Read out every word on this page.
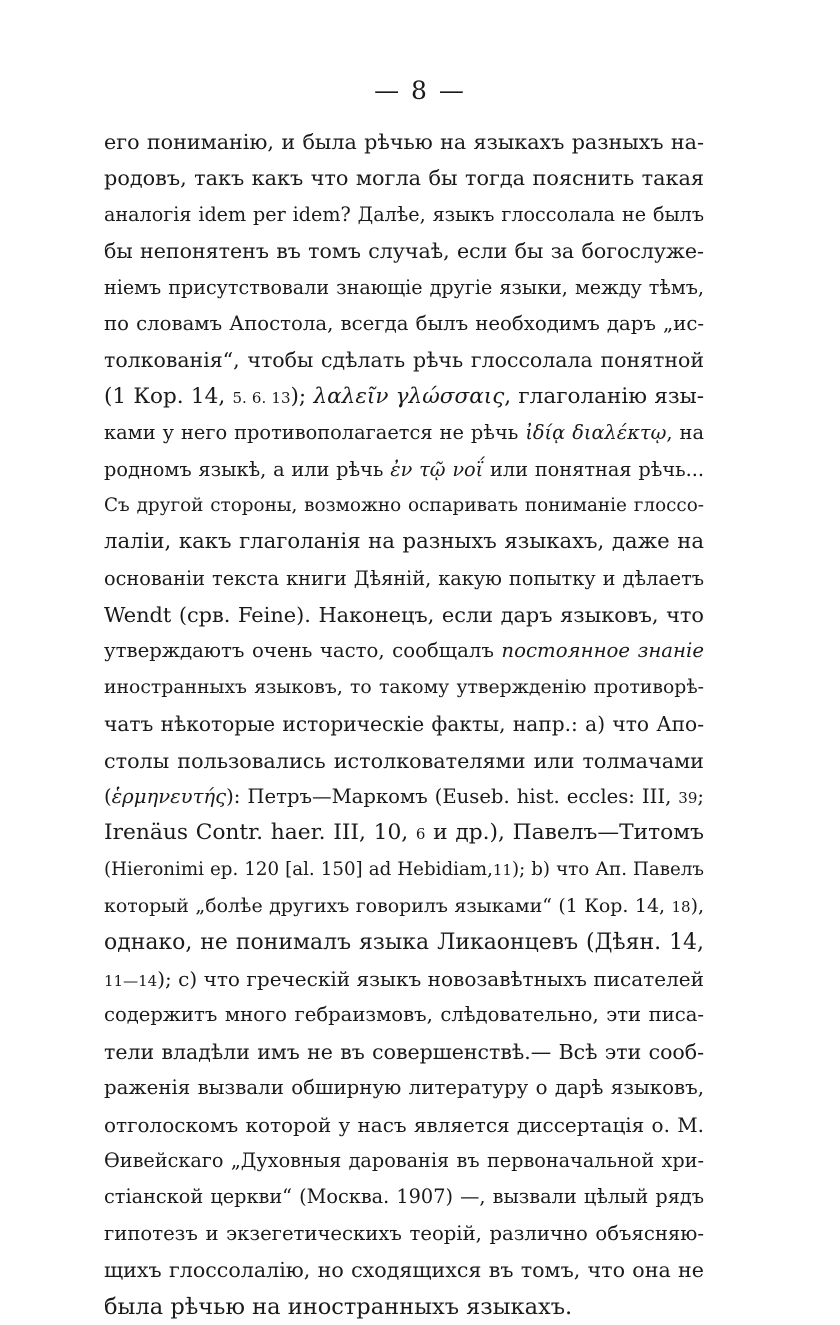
— 8 —
его пониманію, и была рѣчью на языкахъ разныхъ на-
родовъ, такъ какъ что могла бы тогда пояснить такая
аналогія idem per idem? Далѣе, языкъ глоссолала не былъ
бы непонятенъ въ томъ случаѣ, если бы за богослуже-
ніемъ присутствовали знающіе другіе языки, между тѣмъ,
по словамъ Апостола, всегда былъ необходимъ даръ „ис-
толкованія“, чтобы сдѣлать рѣчь глоссолала понятной
(1 Кор. 14, 5. 6. 13); λαλεῖν γλώσσαις, глаголанію язы-
ками у него противополагается не рѣчь ἰδίᾳ διαλέκτῳ, на
родномъ языкѣ, а или рѣчь ἐν τῷ νοΐ или понятная рѣчь...
Съ другой стороны, возможно оспаривать пониманіе глоссо-
лаліи, какъ глаголанія на разныхъ языкахъ, даже на
основаніи текста книги Дѣяній, какую попытку и дѣлаетъ
Wendt (срв. Feine). Наконецъ, если даръ языковъ, что
утверждаютъ очень часто, сообщалъ постоянное знаніе
иностранныхъ языковъ, то такому утвержденію противорѣ-
чатъ нѣкоторые историческіе факты, напр.: а) что Апо-
столы пользовались истолкователями или толмачами
(ἑρμηνευτής): Петръ—Маркомъ (Euseb. hist. eccles: III, 39;
Irenäus Contr. haer. III, 10, 6 и др.), Павелъ—Титомъ
(Hieronimi ep. 120 [al. 150] ad Hebidiam,11); b) что Ап. Павелъ
который „болѣе другихъ говорилъ языками“ (1 Кор. 14, 18),
однако, не понималъ языка Ликаонцевъ (Дѣян. 14,
11—14); c) что греческій языкъ новозавѣтныхъ писателей
содержитъ много гебраизмовъ, слѣдовательно, эти писа-
тели владѣли имъ не въ совершенствѣ.— Всѣ эти сооб-
раженія вызвали обширную литературу о дарѣ языковъ,
отголоскомъ которой у насъ является диссертація о. М.
Ѳивейскаго „Духовныя дарованія въ первоначальной хри-
стіанской церкви“ (Москва. 1907) —, вызвали цѣлый рядъ
гипотезъ и экзегетическихъ теорій, различно объясняю-
щихъ глоссолалію, но сходящихся въ томъ, что она не
была рѣчью на иностранныхъ языкахъ.
